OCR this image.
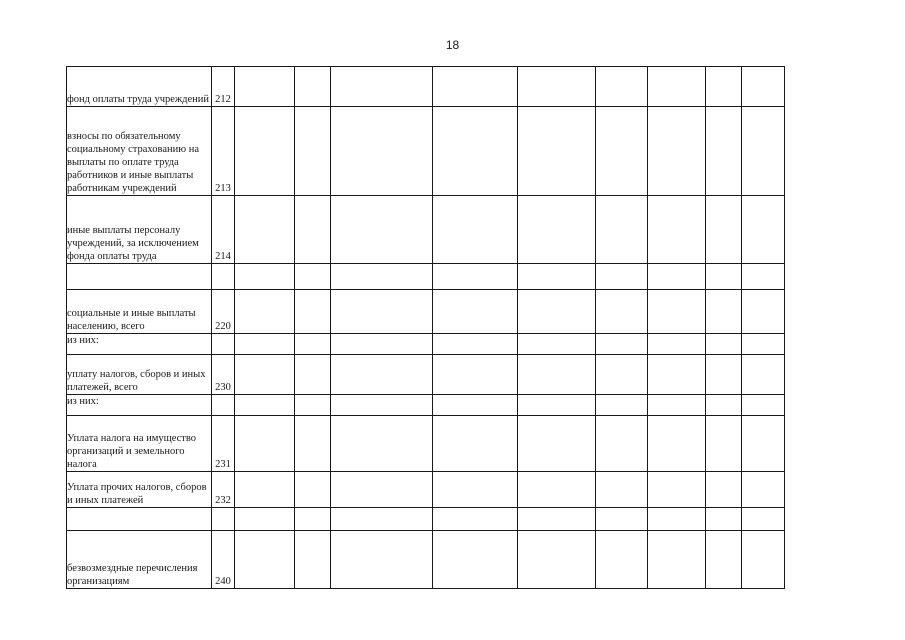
18
фонд оплаты труда учреждений	212										
взносы по обязательному социальному страхованию на выплаты по оплате труда работников и иные выплаты работникам учреждений	213										
иные выплаты персоналу учреждений, за исключением фонда оплаты труда	214										

социальные и иные выплаты населению, всего	220										
из них:											
уплату налогов, сборов и иных платежей, всего	230										
из них:											
Уплата налога на имущество организаций и земельного налога	231										
Уплата прочих налогов, сборов и иных платежей	232										

безвозмездные перечисления организациям	240										
